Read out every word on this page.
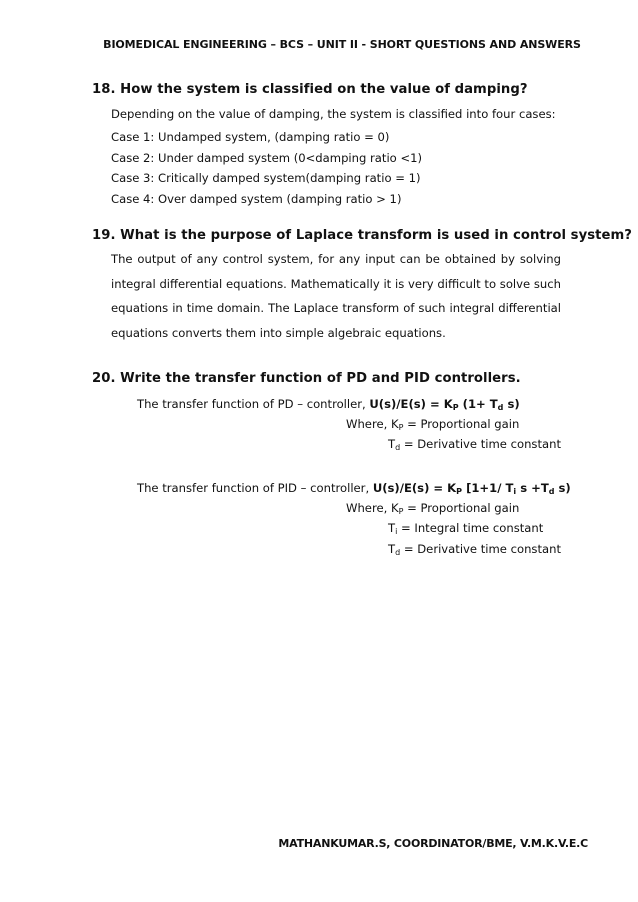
BIOMEDICAL ENGINEERING – BCS – UNIT II - SHORT QUESTIONS AND ANSWERS
18. How the system is classified on the value of damping?
Depending on the value of damping, the system is classified into four cases:
Case 1: Undamped system, (damping ratio = 0)
Case 2: Under damped system (0<damping ratio <1)
Case 3: Critically damped system(damping ratio = 1)
Case 4: Over damped system (damping ratio > 1)
19. What is the purpose of Laplace transform is used in control system?
The output of any control system, for any input can be obtained by solving
integral differential equations. Mathematically it is very difficult to solve such
equations in time domain. The Laplace transform of such integral differential
equations converts them into simple algebraic equations.
20. Write the transfer function of PD and PID controllers.
The transfer function of PD – controller, $U(s)/E(s) = K_P$ ($1+ T_d$ s)
Where, $K_P$ = Proportional gain
$T_d$ = Derivative time constant
The transfer function of PID – controller, $U(s)/E(s) = K_P$ [1+1/ $T_i$ $s +T_d$ s)
Where, $K_P$ = Proportional gain
$T_i$ = Integral time constant
$T_d$ = Derivative time constant
MATHANKUMAR.S, COORDINATOR/BME, V.M.K.V.E.C
